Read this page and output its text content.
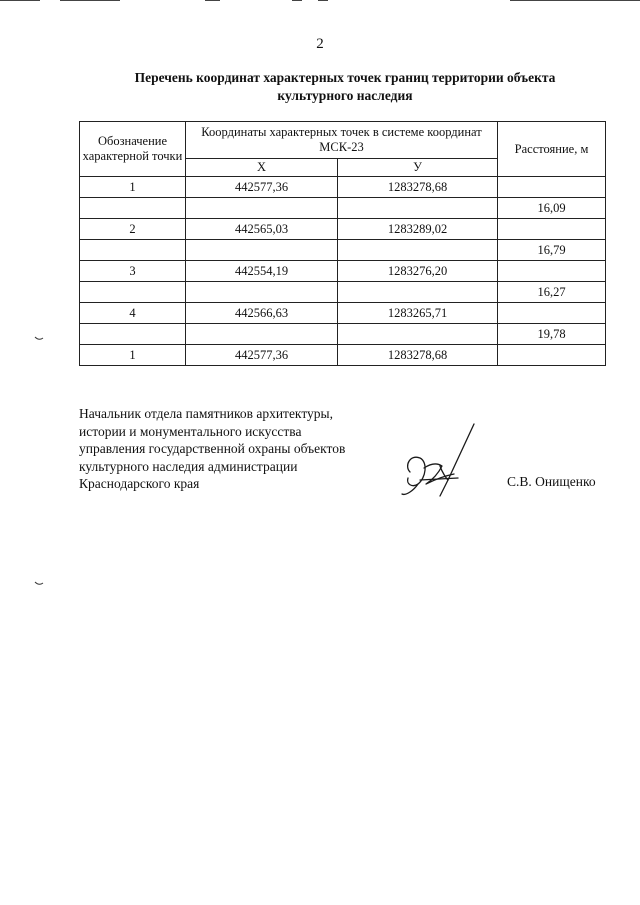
2
Перечень координат характерных точек границ территории объекта
культурного наследия
Обозначение характерной точки	Координаты характерных точек в системе координат МСК-23		Расстояние, м
	Х	У	
1	442577,36	1283278,68	
			16,09
2	442565,03	1283289,02	
			16,79
3	442554,19	1283276,20	
			16,27
4	442566,63	1283265,71	
			19,78
1	442577,36	1283278,68	
Начальник отдела памятников архитектуры,
истории и монументального искусства
управления государственной охраны объектов
культурного наследия администрации
Краснодарского края	С.В. Онищенко
